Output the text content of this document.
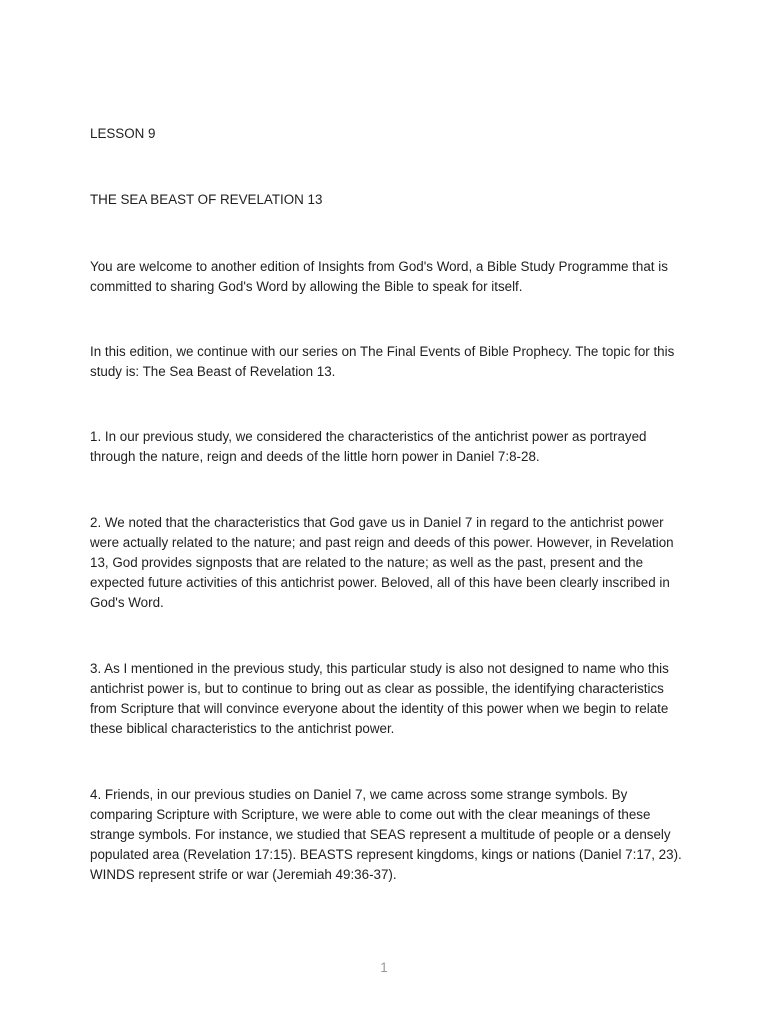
LESSON 9

THE SEA BEAST OF REVELATION 13

You are welcome to another edition of Insights from God's Word, a Bible Study Programme that is committed to sharing God's Word by allowing the Bible to speak for itself.

In this edition, we continue with our series on The Final Events of Bible Prophecy. The topic for this study is: The Sea Beast of Revelation 13.

1. In our previous study, we considered the characteristics of the antichrist power as portrayed through the nature, reign and deeds of the little horn power in Daniel 7:8-28.

2. We noted that the characteristics that God gave us in Daniel 7 in regard to the antichrist power were actually related to the nature; and past reign and deeds of this power. However, in Revelation 13, God provides signposts that are related to the nature; as well as the past, present and the expected future activities of this antichrist power. Beloved, all of this have been clearly inscribed in God's Word.

3. As I mentioned in the previous study, this particular study is also not designed to name who this antichrist power is, but to continue to bring out as clear as possible, the identifying characteristics from Scripture that will convince everyone about the identity of this power when we begin to relate these biblical characteristics to the antichrist power.

4. Friends, in our previous studies on Daniel 7, we came across some strange symbols. By comparing Scripture with Scripture, we were able to come out with the clear meanings of these strange symbols. For instance, we studied that SEAS represent a multitude of people or a densely populated area (Revelation 17:15). BEASTS represent kingdoms, kings or nations (Daniel 7:17, 23). WINDS represent strife or war (Jeremiah 49:36-37).

1
